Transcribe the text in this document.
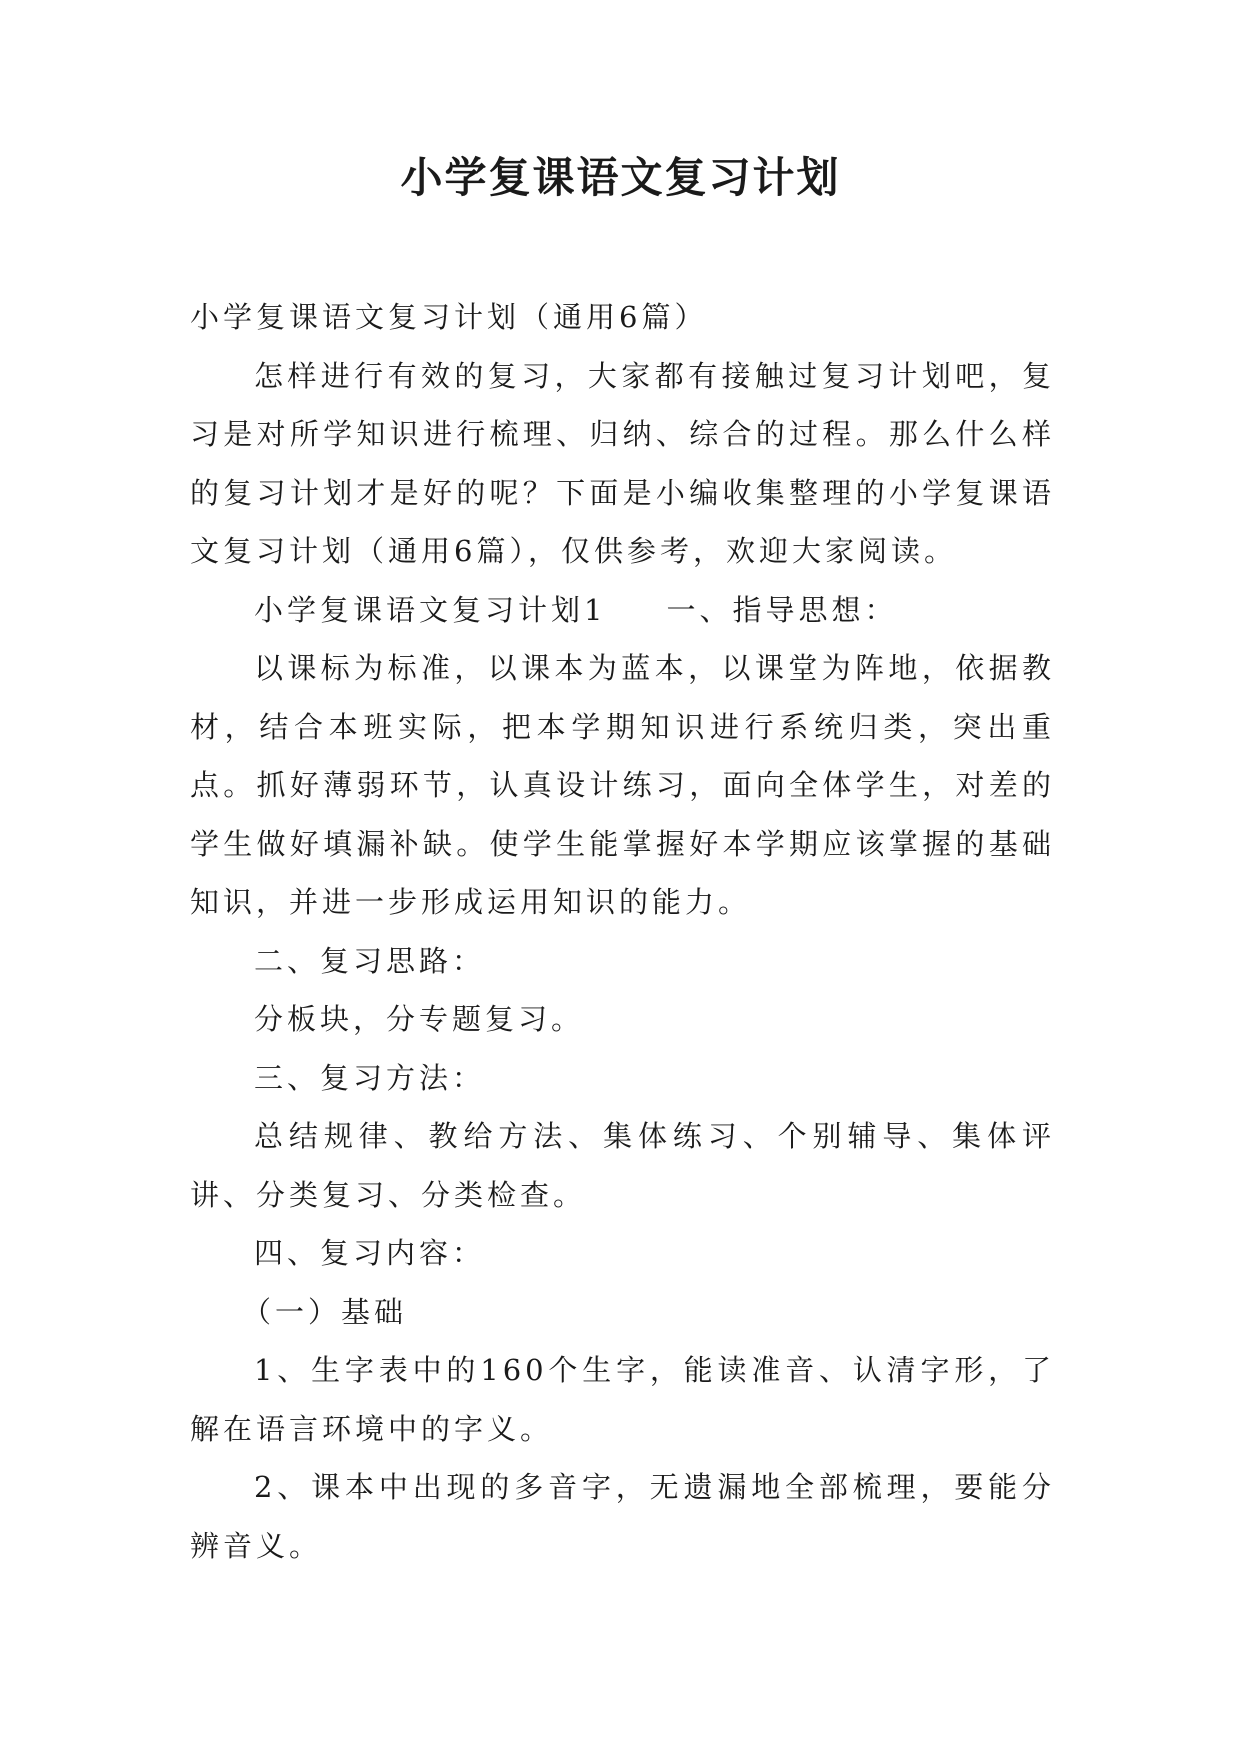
小学复课语文复习计划

小学复课语文复习计划（通用6篇）

怎样进行有效的复习，大家都有接触过复习计划吧，复习是对所学知识进行梳理、归纳、综合的过程。那么什么样的复习计划才是好的呢？下面是小编收集整理的小学复课语文复习计划（通用6篇），仅供参考，欢迎大家阅读。

小学复课语文复习计划1 一、指导思想：

以课标为标准，以课本为蓝本，以课堂为阵地，依据教材，结合本班实际，把本学期知识进行系统归类，突出重点。抓好薄弱环节，认真设计练习，面向全体学生，对差的学生做好填漏补缺。使学生能掌握好本学期应该掌握的基础知识，并进一步形成运用知识的能力。

二、复习思路：

分板块，分专题复习。

三、复习方法：

总结规律、教给方法、集体练习、个别辅导、集体评讲、分类复习、分类检查。

四、复习内容：

（一）基础

1、生字表中的160个生字，能读准音、认清字形，了解在语言环境中的字义。

2、课本中出现的多音字，无遗漏地全部梳理，要能分辨音义。
